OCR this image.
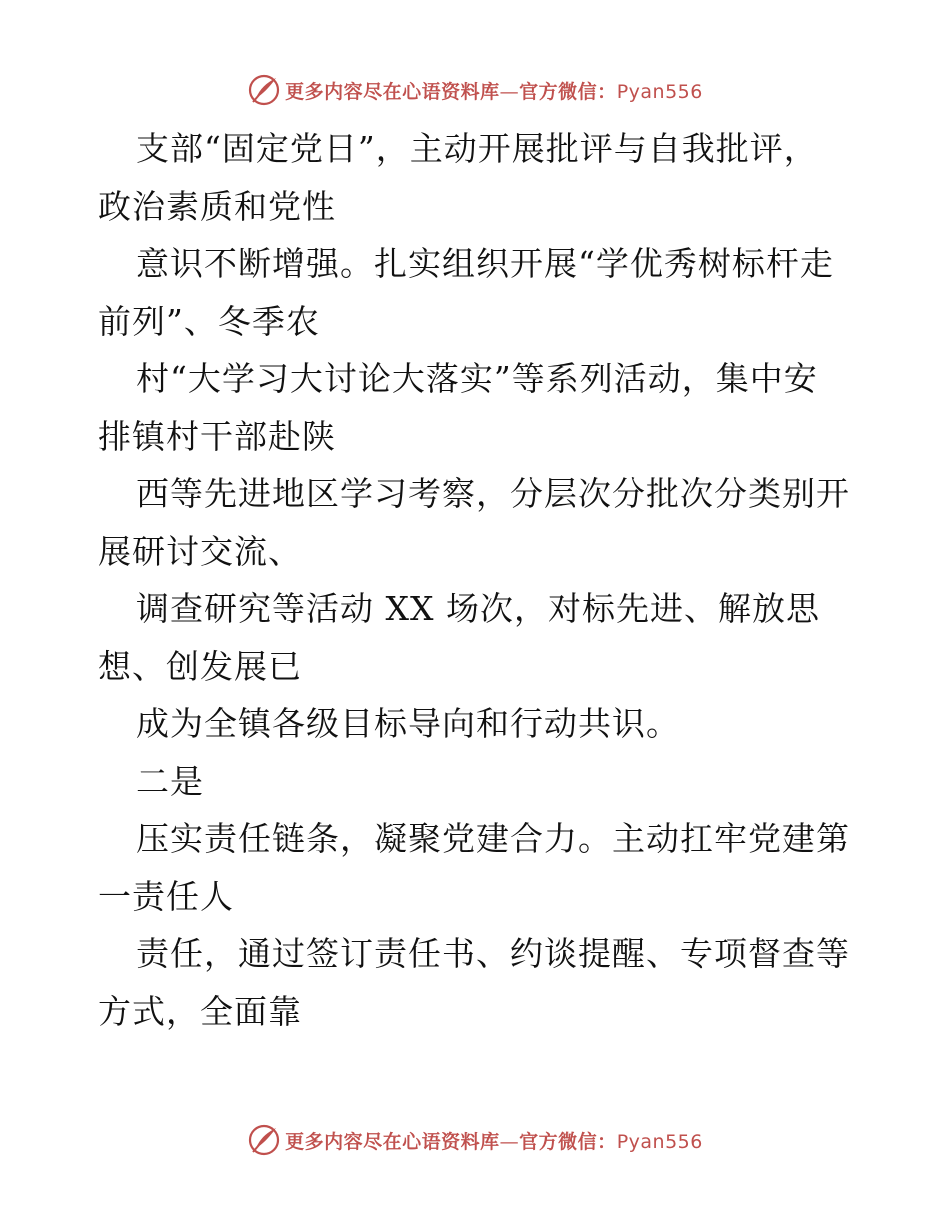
更多内容尽在心语资料库—官方微信：Pyan556
支部“固定党日”，主动开展批评与自我批评，
政治素质和党性
意识不断增强。扎实组织开展“学优秀树标杆走
前列”、冬季农
村“大学习大讨论大落实”等系列活动，集中安
排镇村干部赴陕
西等先进地区学习考察，分层次分批次分类别开
展研讨交流、
调查研究等活动 XX 场次，对标先进、解放思
想、创发展已
成为全镇各级目标导向和行动共识。
二是
压实责任链条，凝聚党建合力。主动扛牢党建第
一责任人
责任，通过签订责任书、约谈提醒、专项督查等
方式，全面靠
更多内容尽在心语资料库—官方微信：Pyan556
